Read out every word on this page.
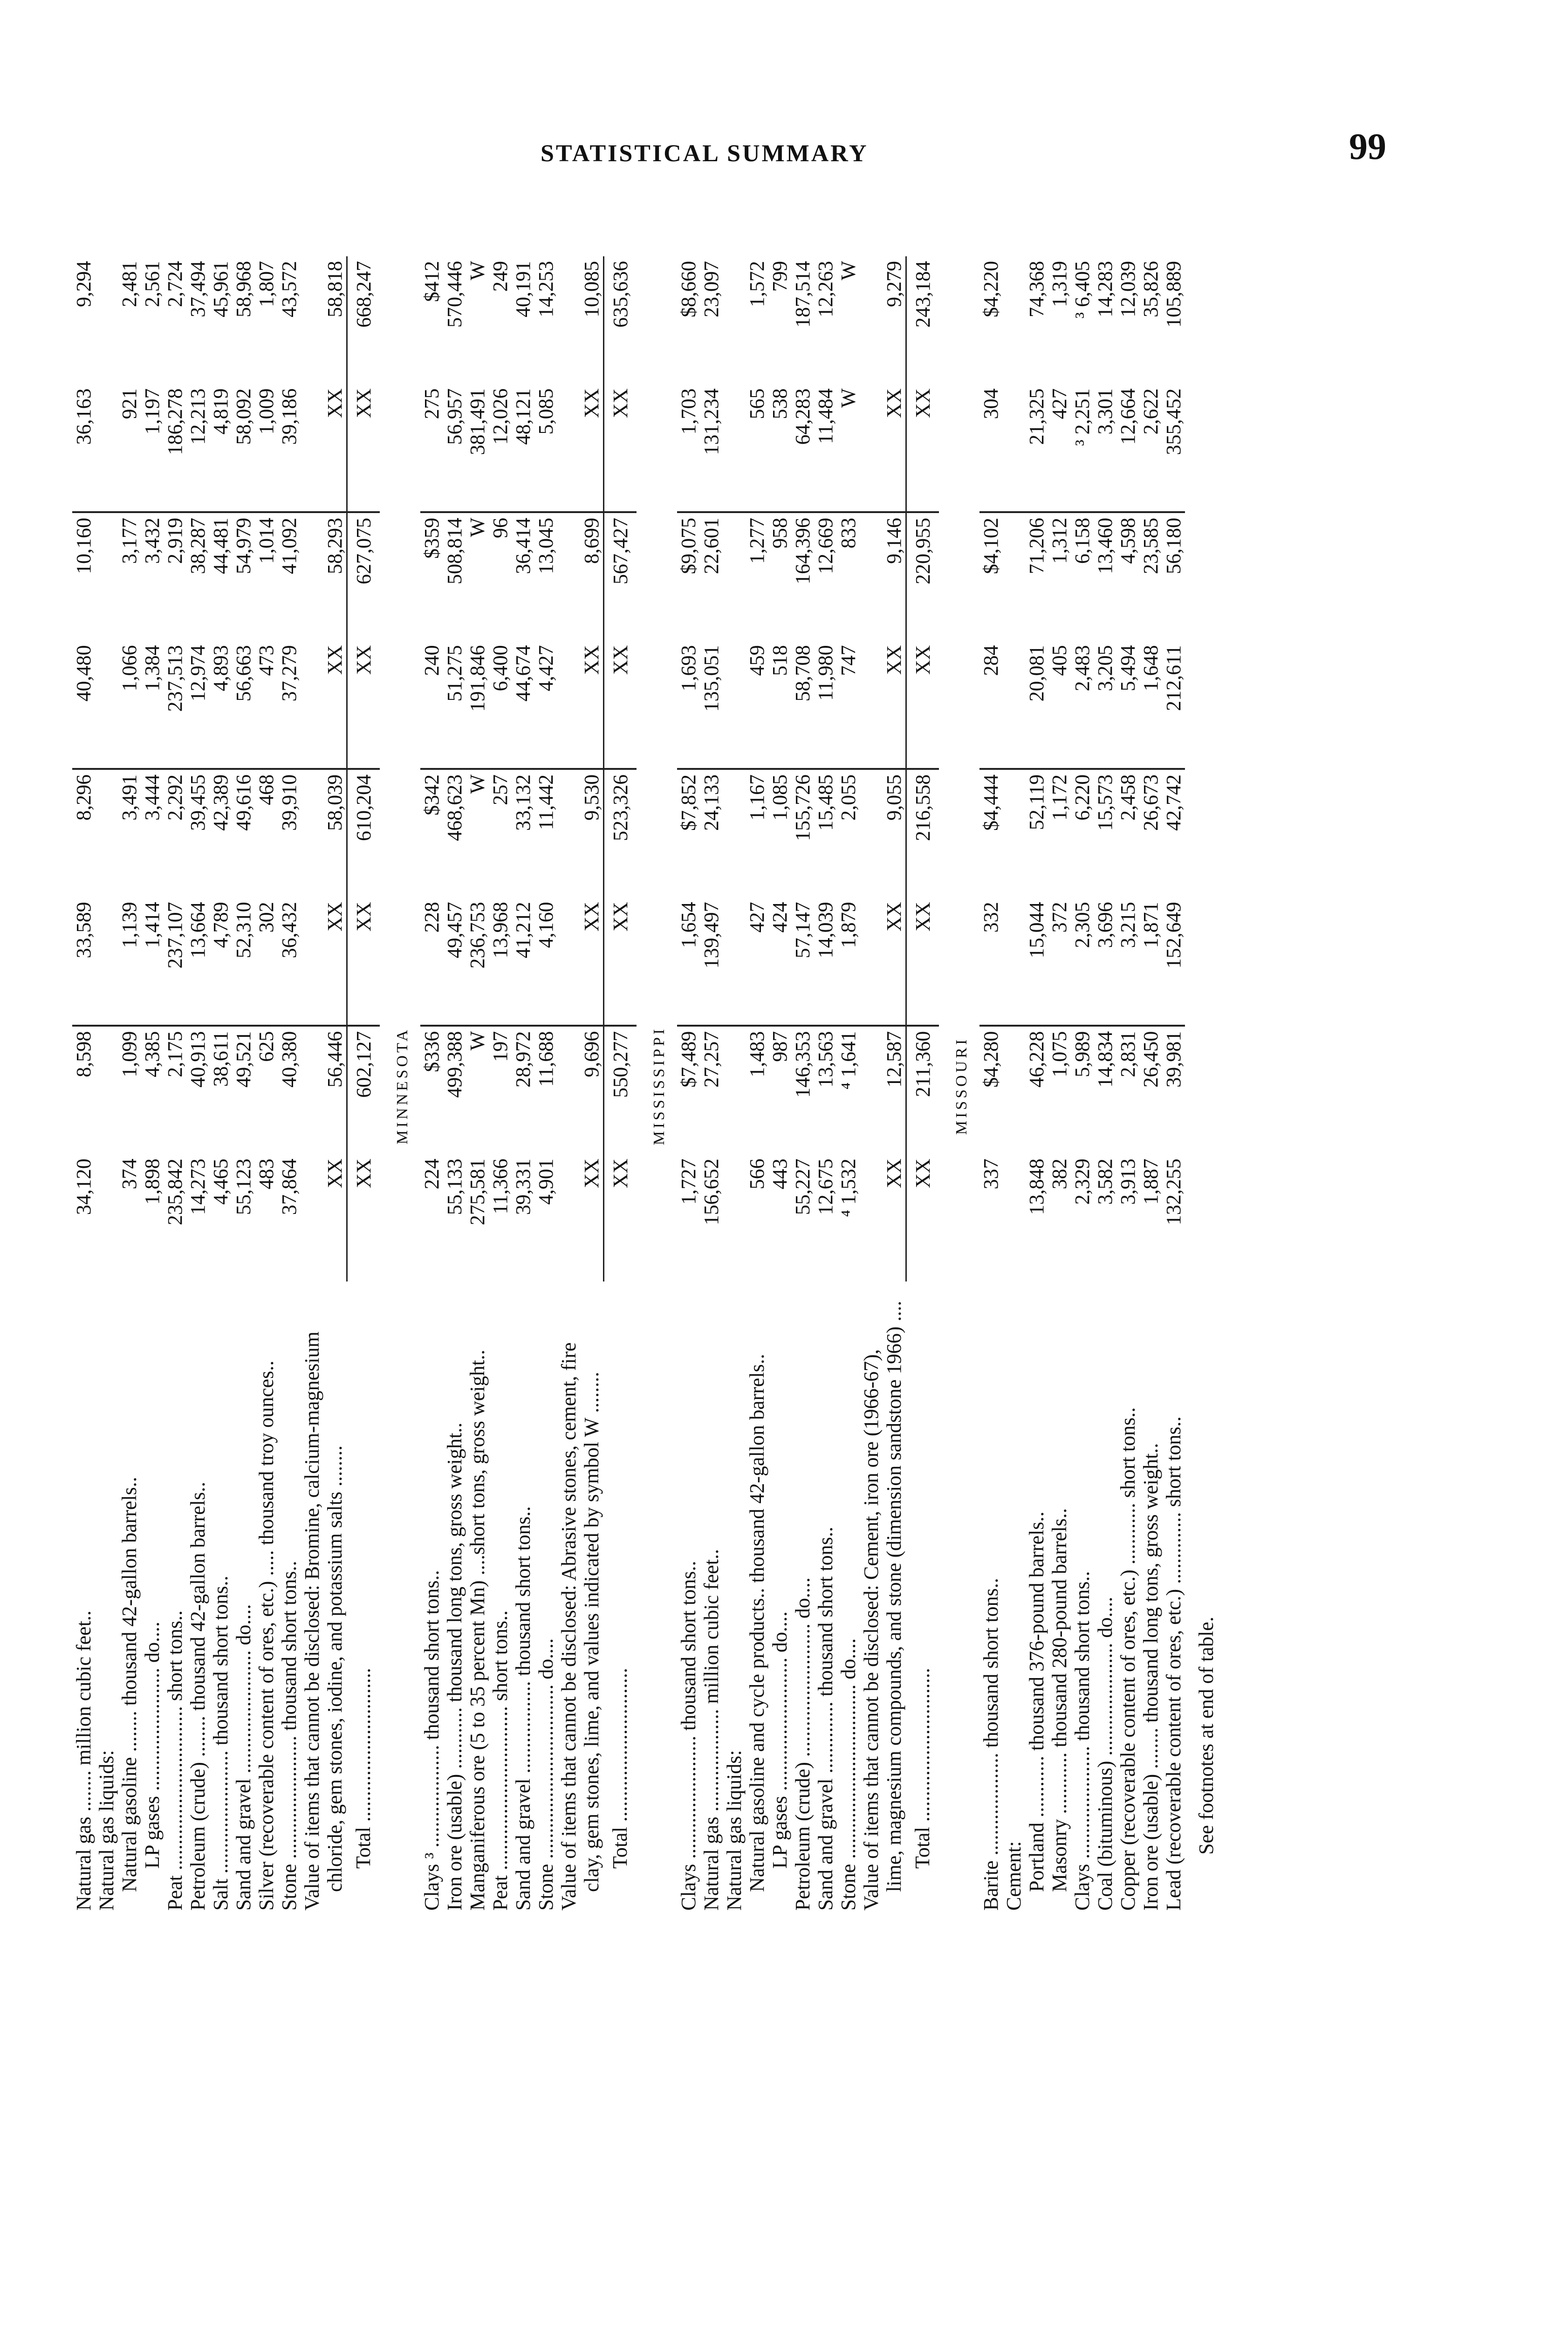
STATISTICAL SUMMARY	99
Natural gas ........ million cubic feet..	34,120	8,598	33,589	8,296	40,480	10,160	36,163	9,294
Natural gas liquids:								
Natural gasoline ........ thousand 42-gallon barrels..	374	1,099	1,139	3,491	1,066	3,177	921	2,481
LP gases ........................ do....	1,898	4,385	1,414	3,444	1,384	3,432	1,197	2,561
Peat ................................ short tons..	235,842	2,175	237,107	2,292	237,513	2,919	186,278	2,724
Petroleum (crude) ........ thousand 42-gallon barrels..	14,273	40,913	13,664	39,455	12,974	38,287	12,213	37,494
Salt ........................ thousand short tons..	4,465	38,611	4,789	42,389	4,893	44,481	4,819	45,961
Sand and gravel ........................ do....	55,123	49,521	52,310	49,616	56,663	54,979	58,092	58,968
Silver (recoverable content of ores, etc.) ..... thousand troy ounces..	483	625	302	468	473	1,014	1,009	1,807
Stone ........................ thousand short tons..	37,864	40,380	36,432	39,910	37,279	41,092	39,186	43,572
Value of items that cannot be disclosed: Bromine, calcium-magnesium								
chloride, gem stones, iodine, and potassium salts ........	XX	56,446	XX	58,039	XX	58,293	XX	58,818
Total ..............................	XX	602,127	XX	610,204	XX	627,075	XX	668,247
MINNESOTA								
Clays ³ .................... thousand short tons..	224	$336	228	$342	240	$359	275	$412
Iron ore (usable) ............ thousand long tons, gross weight..	55,133	499,388	49,457	468,623	51,275	508,814	56,957	570,446
Manganiferous ore (5 to 35 percent Mn) ....short tons, gross weight..	275,581	W	236,753	W	191,846	W	381,491	W
Peat ................................ short tons..	11,366	197	13,968	257	6,400	96	12,026	249
Sand and gravel .................. thousand short tons..	39,331	28,972	41,212	33,132	44,674	36,414	48,121	40,191
Stone .................................. do....	4,901	11,688	4,160	11,442	4,427	13,045	5,085	14,253
Value of items that cannot be disclosed: Abrasive stones, cement, fire								
clay, gem stones, lime, and values indicated by symbol W ........	XX	9,696	XX	9,530	XX	8,699	XX	10,085
Total ..............................	XX	550,277	XX	523,326	XX	567,427	XX	635,636
MISSISSIPPI								
Clays ........................ thousand short tons..	1,727	$7,489	1,654	$7,852	1,693	$9,075	1,703	$8,660
Natural gas .................... million cubic feet..	156,652	27,257	139,497	24,133	135,051	22,601	131,234	23,097
Natural gas liquids:								
Natural gasoline and cycle products.. thousand 42-gallon barrels..	566	1,483	427	1,167	459	1,277	565	1,572
LP gases .......................... do....	443	987	424	1,085	518	958	538	799
Petroleum (crude) .......................... do....	55,227	146,353	57,147	155,726	58,708	164,396	64,283	187,514
Sand and gravel .............. thousand short tons..	12,675	13,563	14,039	15,485	11,980	12,669	11,484	12,263
Stone .................................. do....	⁴ 1,532	⁴ 1,641	1,879	2,055	747	833	W	W
Value of items that cannot be disclosed: Cement, iron ore (1966-67),								
lime, magnesium compounds, and stone (dimension sandstone 1966) ....	XX	12,587	XX	9,055	XX	9,146	XX	9,279
Total ..............................	XX	211,360	XX	216,558	XX	220,955	XX	243,184
MISSOURI								
Barite .................... thousand short tons..	337	$4,280	332	$4,444	284	$4,102	304	$4,220
Cement:								
Portland ............ thousand 376-pound barrels..	13,848	46,228	15,044	52,119	20,081	71,206	21,325	74,368
Masonry ............ thousand 280-pound barrels..	382	1,075	372	1,172	405	1,312	427	1,319
Clays ...................... thousand short tons..	2,329	5,989	2,305	6,220	2,483	6,158	³ 2,251	³ 6,405
Coal (bituminous) ...................... do....	3,582	14,834	3,696	15,573	3,205	13,460	3,301	14,283
Copper (recoverable content of ores, etc.) ............ short tons..	3,913	2,831	3,215	2,458	5,494	4,598	12,664	12,039
Iron ore (usable) ........ thousand long tons, gross weight..	1,887	26,450	1,871	26,673	1,648	23,585	2,622	35,826
Lead (recoverable content of ores, etc.) .............. short tons..	132,255	39,981	152,649	42,742	212,611	56,180	355,452	105,889
See footnotes at end of table.
